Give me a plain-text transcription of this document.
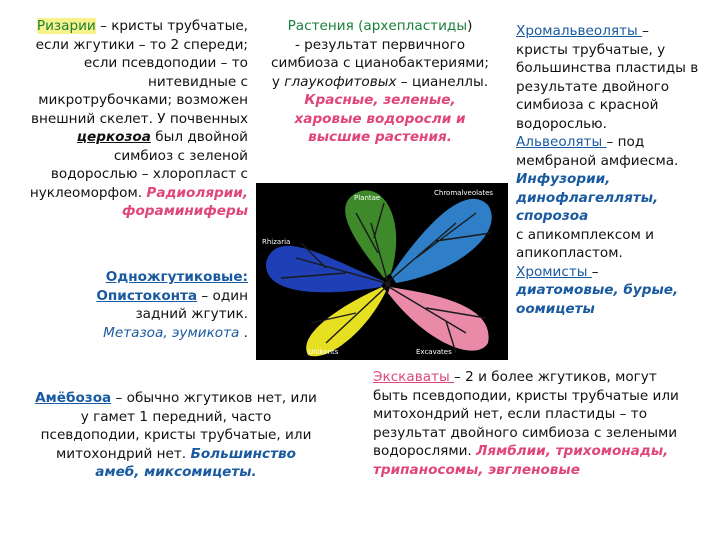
Ризарии – кристы трубчатые,
если жгутики – то 2 спереди;
если псевдоподии – то
нитевидные с
микротрубочками; возможен
внешний скелет. У почвенных
церкозоа был двойной
симбиоз с зеленой
водорослью – хлоропласт с
нуклеоморфом. Радиолярии,
фораминиферы
Растения (архепластиды)
- результат первичного
симбиоза с цианобактериями;
у глаукофитовых – цианеллы.
Красные, зеленые,
харовые водоросли и
высшие растения.
Хромальвеоляты –
кристы трубчатые, у
большинства пластиды в
результате двойного
симбиоза с красной
водорослью.
Альвеоляты – под
мембраной амфиесма.
Инфузории,
динофлагелляты,
спорозоа
с апикомплексом и
апикопластом.
Хромисты –
диатомовые, бурые,
оомицеты
Одножгутиковые:
Опистоконта – один
задний жгутик.
Метазоа, эумикота .
Plantae
Chromalveolates
Rhizaria
Unikonts	Excavates
Амёбозоа – обычно жгутиков нет, или
у гамет 1 передний, часто
псевдоподии, кристы трубчатые, или
митохондрий нет. Большинство
амеб, миксомицеты.
Экскаваты – 2 и более жгутиков, могут
быть псевдоподии, кристы трубчатые или
митохондрий нет, если пластиды – то
результат двойного симбиоза с зелеными
водорослями. Лямблии, трихомонады,
трипаносомы, эвгленовые
